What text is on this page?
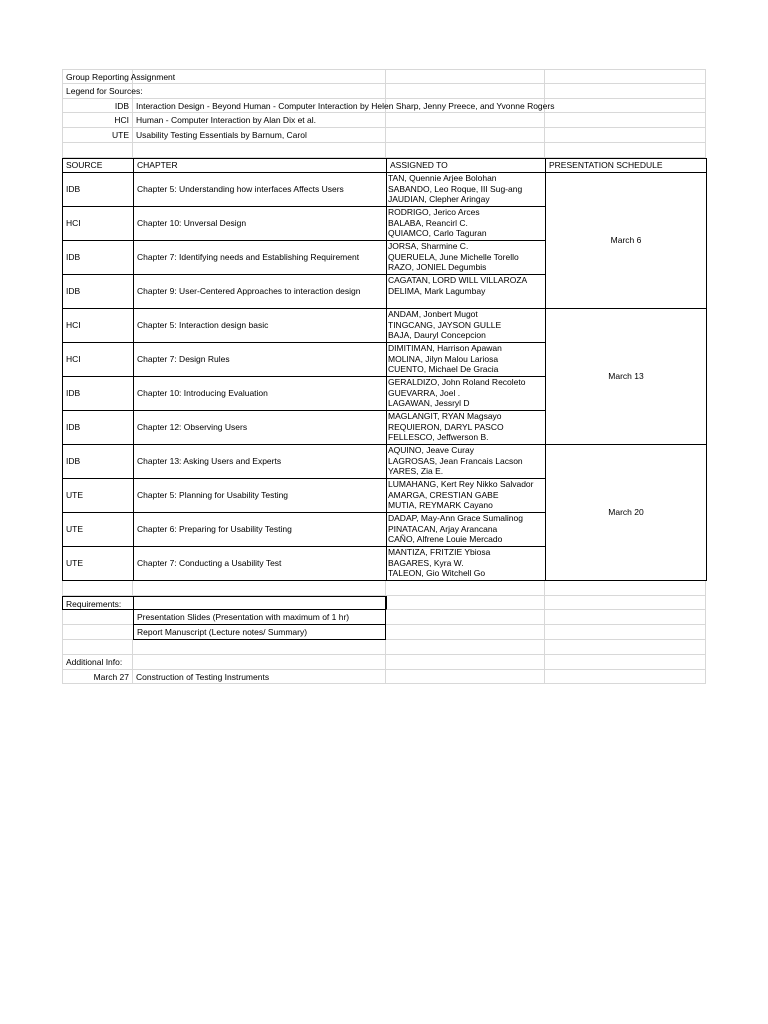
Group Reporting Assignment
Legend for Sources:
IDB Interaction Design - Beyond Human - Computer Interaction by Helen Sharp, Jenny Preece, and Yvonne Rogers
HCI Human - Computer Interaction by Alan Dix et al.
UTE Usability Testing Essentials by Barnum, Carol
SOURCE	CHAPTER	ASSIGNED TO	PRESENTATION SCHEDULE
IDB	Chapter 5: Understanding how interfaces Affects Users	TAN, Quennie Arjee Bolohan
SABANDO, Leo Roque, III Sug-ang
JAUDIAN, Clepher Aringay	March 6
HCI	Chapter 10: Unversal Design	RODRIGO, Jerico Arces
BALABA, Reancirl C.
QUIAMCO, Carlo Taguran	

IDB	Chapter 7: Identifying needs and Establishing Requirement	JORSA, Sharmine C.
QUERUELA, June Michelle Torello
RAZO, JONIEL Degumbis	

IDB	Chapter 9: User-Centered Approaches to interaction design	CAGATAN, LORD WILL VILLAROZA
DELIMA, Mark Lagumbay	

HCI	Chapter 5: Interaction design basic	ANDAM, Jonbert Mugot
TINGCANG, JAYSON GULLE
BAJA, Dauryl Concepcion	March 13
HCI	Chapter 7: Design Rules	DIMITIMAN, Harrison Apawan
MOLINA, Jilyn Malou Lariosa
CUENTO, Michael De Gracia	

IDB	Chapter 10: Introducing Evaluation	GERALDIZO, John Roland Recoleto
GUEVARRA, Joel .
LAGAWAN, Jessryl D	

IDB	Chapter 12: Observing Users	MAGLANGIT, RYAN Magsayo
REQUIERON, DARYL PASCO
FELLESCO, Jeffwerson B.	

IDB	Chapter 13: Asking Users and Experts	AQUINO, Jeave Curay
LAGROSAS, Jean Francais Lacson
YARES, Zia E.	March 20
UTE	Chapter 5: Planning for Usability Testing	LUMAHANG, Kert Rey Nikko Salvador
AMARGA, CRESTIAN GABE
MUTIA, REYMARK Cayano	

UTE	Chapter 6: Preparing for Usability Testing	DADAP, May-Ann Grace Sumalinog
PINATACAN, Arjay Arancana
CAÑO, Alfrene Louie Mercado	

UTE	Chapter 7: Conducting a Usability Test	MANTIZA, FRITZIE Ybiosa
BAGARES, Kyra W.
TALEON, Gio Witchell Go	
Requirements:
Presentation Slides (Presentation with maximum of 1 hr)
Report Manuscript (Lecture notes/ Summary)
Additional Info:
March 27 Construction of Testing Instruments
